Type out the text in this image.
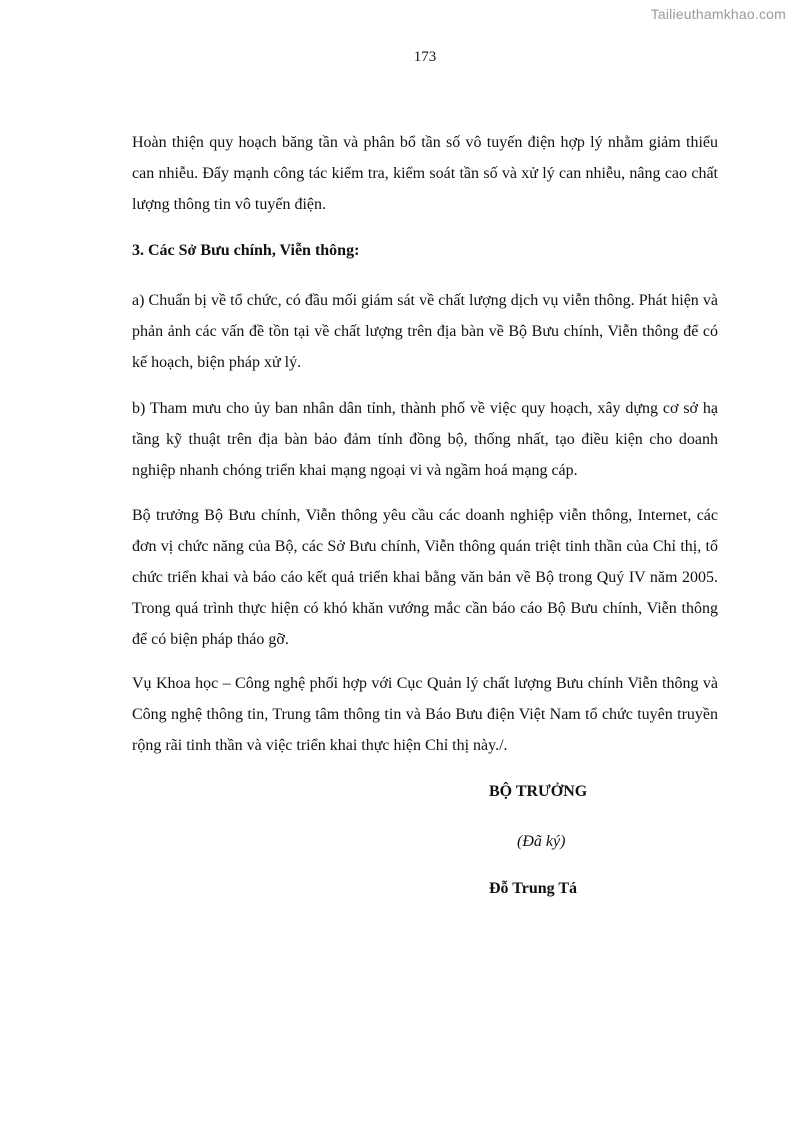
Tailieuthamkhao.com
173

Hoàn thiện quy hoạch băng tần và phân bổ tần số vô tuyến điện hợp lý nhằm giảm thiểu can nhiễu. Đẩy mạnh công tác kiểm tra, kiểm soát tần số và xử lý can nhiễu, nâng cao chất lượng thông tin vô tuyến điện.

3. Các Sở Bưu chính, Viễn thông:

a) Chuẩn bị về tổ chức, có đầu mối giám sát về chất lượng dịch vụ viễn thông. Phát hiện và phản ảnh các vấn đề tồn tại về chất lượng trên địa bàn về Bộ Bưu chính, Viễn thông để có kế hoạch, biện pháp xử lý.

b) Tham mưu cho ủy ban nhân dân tỉnh, thành phố về việc quy hoạch, xây dựng cơ sở hạ tầng kỹ thuật trên địa bàn bảo đảm tính đồng bộ, thống nhất, tạo điều kiện cho doanh nghiệp nhanh chóng triển khai mạng ngoại vi và ngầm hoá mạng cáp.

Bộ trưởng Bộ Bưu chính, Viễn thông yêu cầu các doanh nghiệp viễn thông, Internet, các đơn vị chức năng của Bộ, các Sở Bưu chính, Viễn thông quán triệt tinh thần của Chỉ thị, tổ chức triển khai và báo cáo kết quả triển khai bằng văn bản về Bộ trong Quý IV năm 2005. Trong quá trình thực hiện có khó khăn vướng mắc cần báo cáo Bộ Bưu chính, Viễn thông để có biện pháp tháo gỡ.

Vụ Khoa học – Công nghệ phối hợp với Cục Quản lý chất lượng Bưu chính Viễn thông và Công nghệ thông tin, Trung tâm thông tin và Báo Bưu điện Việt Nam tổ chức tuyên truyền rộng rãi tinh thần và việc triển khai thực hiện Chỉ thị này./.

BỘ TRƯỞNG

(Đã ký)

Đỗ Trung Tá
